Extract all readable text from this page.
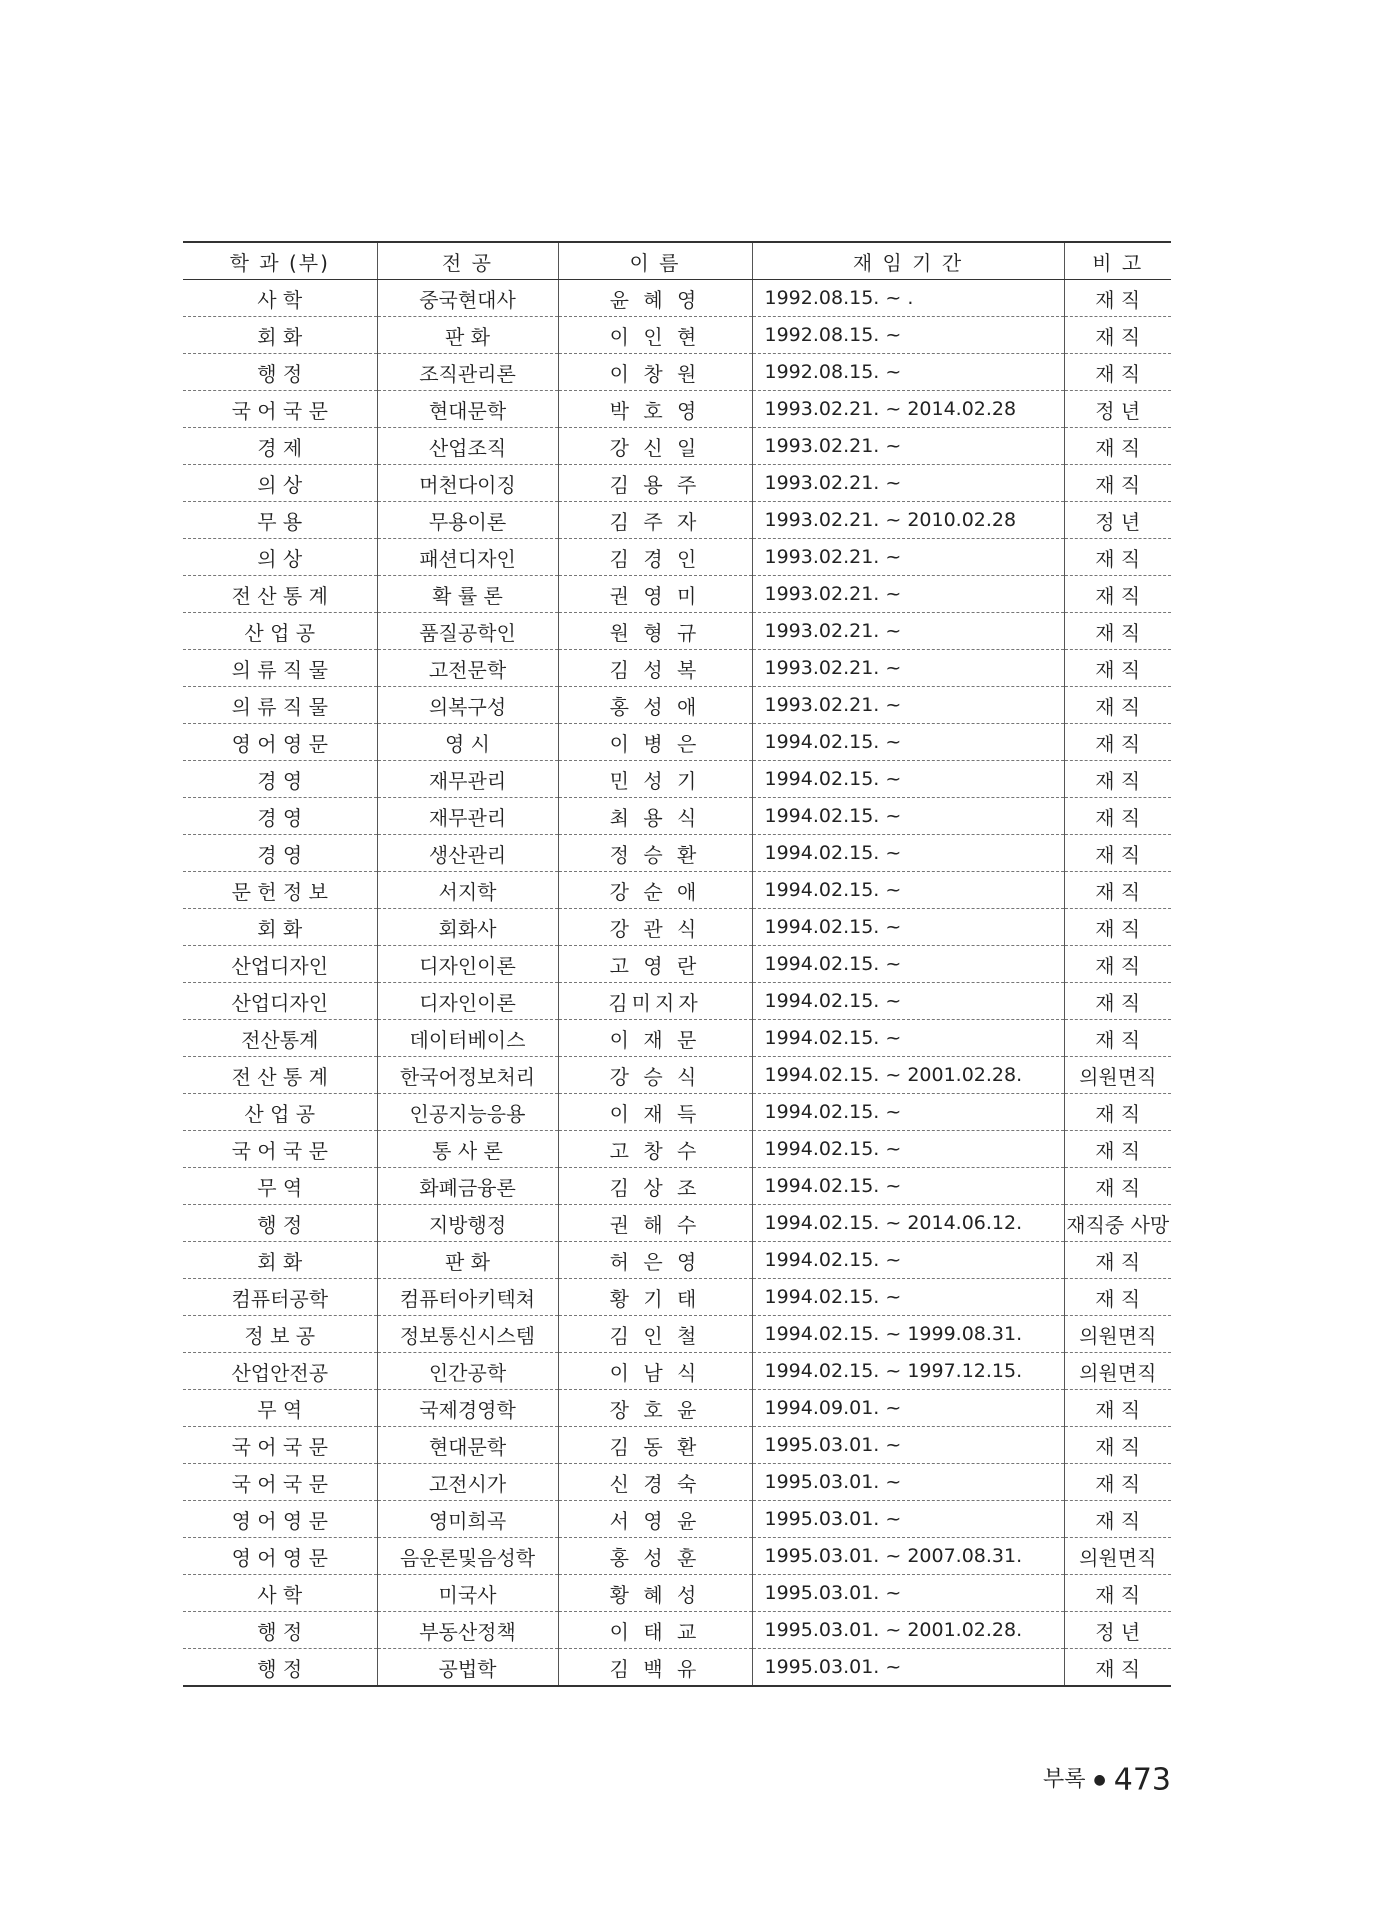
학 과 (부)	전 공	이 름	재 임 기 간	비 고
사 학	중국현대사	윤 혜 영	1992.08.15. ~ .	재 직
회 화	판 화	이 인 현	1992.08.15. ~	재 직
행 정	조직관리론	이 창 원	1992.08.15. ~	재 직
국 어 국 문	현대문학	박 호 영	1993.02.21. ~ 2014.02.28	정 년
경 제	산업조직	강 신 일	1993.02.21. ~	재 직
의 상	머천다이징	김 용 주	1993.02.21. ~	재 직
무 용	무용이론	김 주 자	1993.02.21. ~ 2010.02.28	정 년
의 상	패션디자인	김 경 인	1993.02.21. ~	재 직
전 산 통 계	확 률 론	권 영 미	1993.02.21. ~	재 직
산 업 공	품질공학인	원 형 규	1993.02.21. ~	재 직
의 류 직 물	고전문학	김 성 복	1993.02.21. ~	재 직
의 류 직 물	의복구성	홍 성 애	1993.02.21. ~	재 직
영 어 영 문	영 시	이 병 은	1994.02.15. ~	재 직
경 영	재무관리	민 성 기	1994.02.15. ~	재 직
경 영	재무관리	최 용 식	1994.02.15. ~	재 직
경 영	생산관리	정 승 환	1994.02.15. ~	재 직
문 헌 정 보	서지학	강 순 애	1994.02.15. ~	재 직
회 화	회화사	강 관 식	1994.02.15. ~	재 직
산업디자인	디자인이론	고 영 란	1994.02.15. ~	재 직
산업디자인	디자인이론	김미지자	1994.02.15. ~	재 직
전산통계	데이터베이스	이 재 문	1994.02.15. ~	재 직
전 산 통 계	한국어정보처리	강 승 식	1994.02.15. ~ 2001.02.28.	의원면직
산 업 공	인공지능응용	이 재 득	1994.02.15. ~	재 직
국 어 국 문	통 사 론	고 창 수	1994.02.15. ~	재 직
무 역	화폐금융론	김 상 조	1994.02.15. ~	재 직
행 정	지방행정	권 해 수	1994.02.15. ~ 2014.06.12.	재직중 사망
회 화	판 화	허 은 영	1994.02.15. ~	재 직
컴퓨터공학	컴퓨터아키텍쳐	황 기 태	1994.02.15. ~	재 직
정 보 공	정보통신시스템	김 인 철	1994.02.15. ~ 1999.08.31.	의원면직
산업안전공	인간공학	이 남 식	1994.02.15. ~ 1997.12.15.	의원면직
무 역	국제경영학	장 호 윤	1994.09.01. ~	재 직
국 어 국 문	현대문학	김 동 환	1995.03.01. ~	재 직
국 어 국 문	고전시가	신 경 숙	1995.03.01. ~	재 직
영 어 영 문	영미희곡	서 영 윤	1995.03.01. ~	재 직
영 어 영 문	음운론및음성학	홍 성 훈	1995.03.01. ~ 2007.08.31.	의원면직
사 학	미국사	황 혜 성	1995.03.01. ~	재 직
행 정	부동산정책	이 태 교	1995.03.01. ~ 2001.02.28.	정 년
행 정	공법학	김 백 유	1995.03.01. ~	재 직
부록 ● 473
